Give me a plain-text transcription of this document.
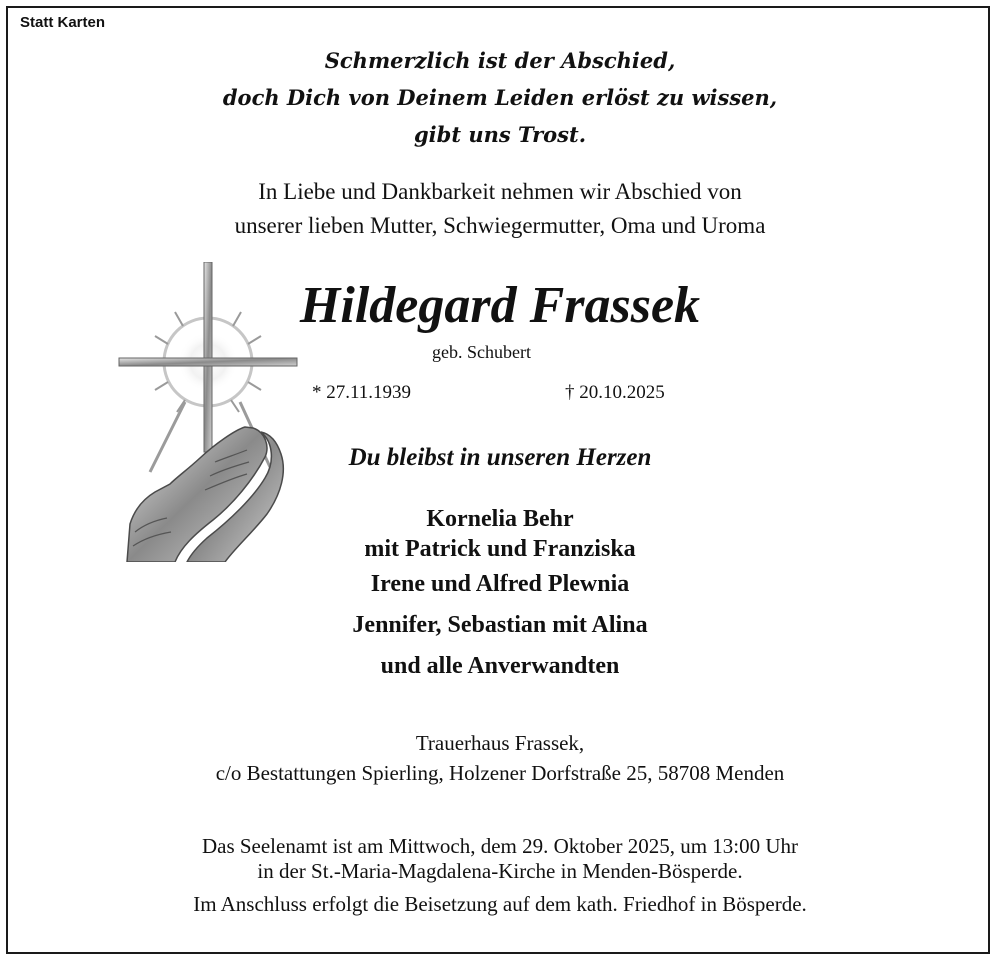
Statt Karten
Schmerzlich ist der Abschied,
doch Dich von Deinem Leiden erlöst zu wissen,
gibt uns Trost.
In Liebe und Dankbarkeit nehmen wir Abschied von
unserer lieben Mutter, Schwiegermutter, Oma und Uroma
Hildegard Frassek
geb. Schubert
* 27.11.1939	† 20.10.2025
Du bleibst in unseren Herzen
Kornelia Behr
mit Patrick und Franziska
Irene und Alfred Plewnia
Jennifer, Sebastian mit Alina
und alle Anverwandten
Trauerhaus Frassek,
c/o Bestattungen Spierling, Holzener Dorfstraße 25, 58708 Menden
Das Seelenamt ist am Mittwoch, dem 29. Oktober 2025, um 13:00 Uhr
in der St.-Maria-Magdalena-Kirche in Menden-Bösperde.
Im Anschluss erfolgt die Beisetzung auf dem kath. Friedhof in Bösperde.
